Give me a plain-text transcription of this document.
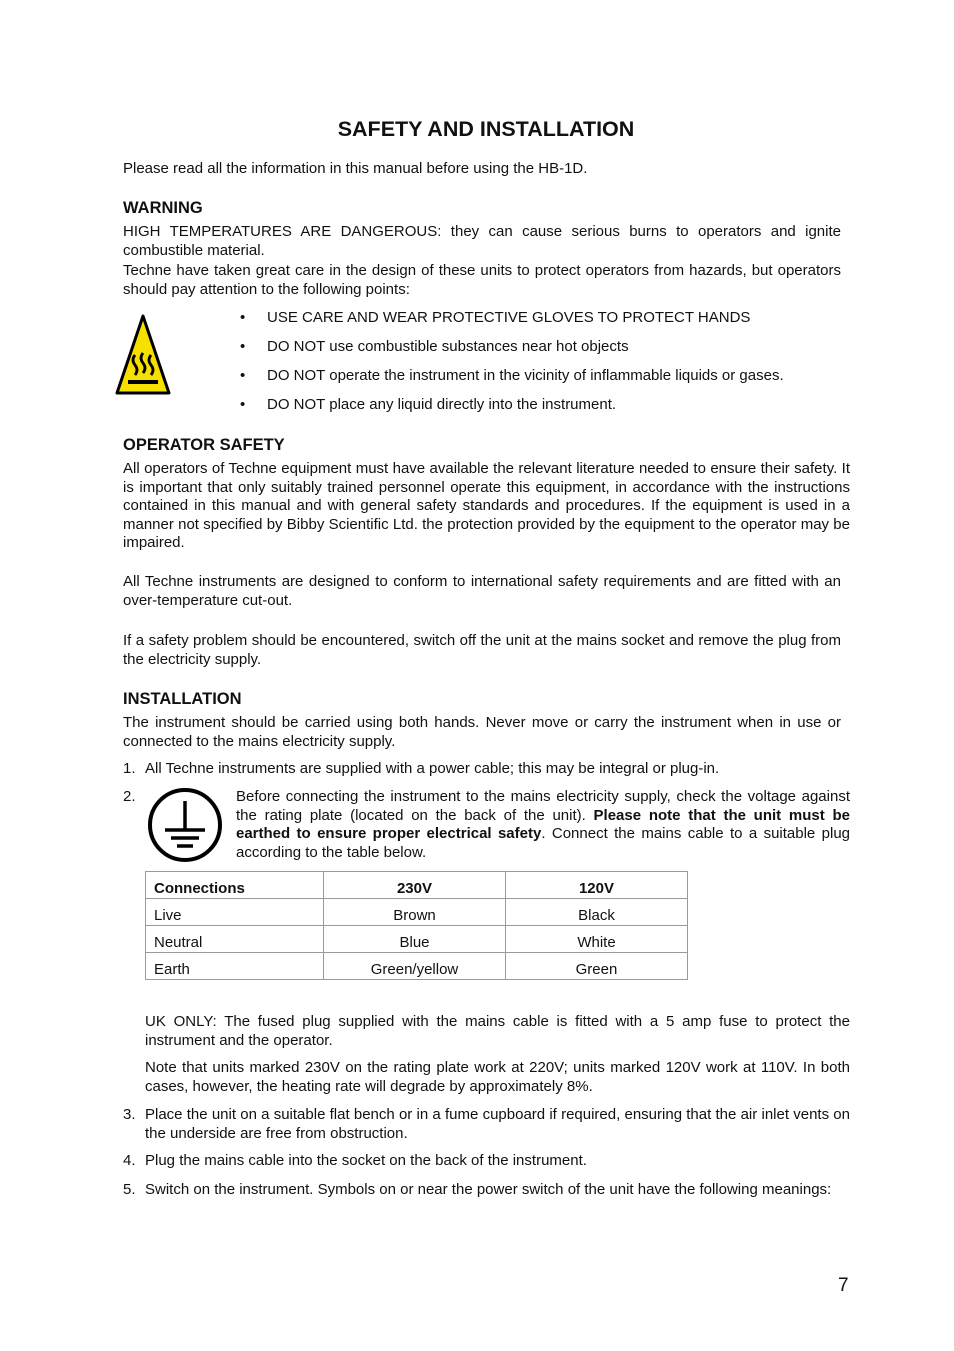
SAFETY AND INSTALLATION
Please read all the information in this manual before using the HB-1D.
WARNING
HIGH TEMPERATURES ARE DANGEROUS: they can cause serious burns to operators and ignite combustible material.
Techne have taken great care in the design of these units to protect operators from hazards, but operators should pay attention to the following points:
• USE CARE AND WEAR PROTECTIVE GLOVES TO PROTECT HANDS
• DO NOT use combustible substances near hot objects
• DO NOT operate the instrument in the vicinity of inflammable liquids or gases.
• DO NOT place any liquid directly into the instrument.
OPERATOR SAFETY
All operators of Techne equipment must have available the relevant literature needed to ensure their safety. It is important that only suitably trained personnel operate this equipment, in accordance with the instructions contained in this manual and with general safety standards and procedures. If the equipment is used in a manner not specified by Bibby Scientific Ltd. the protection provided by the equipment to the operator may be impaired.
All Techne instruments are designed to conform to international safety requirements and are fitted with an over-temperature cut-out.
If a safety problem should be encountered, switch off the unit at the mains socket and remove the plug from the electricity supply.
INSTALLATION
The instrument should be carried using both hands. Never move or carry the instrument when in use or connected to the mains electricity supply.
1. All Techne instruments are supplied with a power cable; this may be integral or plug-in.
2.	Before connecting the instrument to the mains electricity supply, check the voltage against the rating plate (located on the back of the unit). Please note that the unit must be earthed to ensure proper electrical safety. Connect the mains cable to a suitable plug according to the table below.
Connections	230V	120V
Live	Brown	Black
Neutral	Blue	White
Earth	Green/yellow	Green
UK ONLY: The fused plug supplied with the mains cable is fitted with a 5 amp fuse to protect the instrument and the operator.
Note that units marked 230V on the rating plate work at 220V; units marked 120V work at 110V. In both cases, however, the heating rate will degrade by approximately 8%.
3. Place the unit on a suitable flat bench or in a fume cupboard if required, ensuring that the air inlet vents on the underside are free from obstruction.
4. Plug the mains cable into the socket on the back of the instrument.
5. Switch on the instrument. Symbols on or near the power switch of the unit have the following meanings:
7
